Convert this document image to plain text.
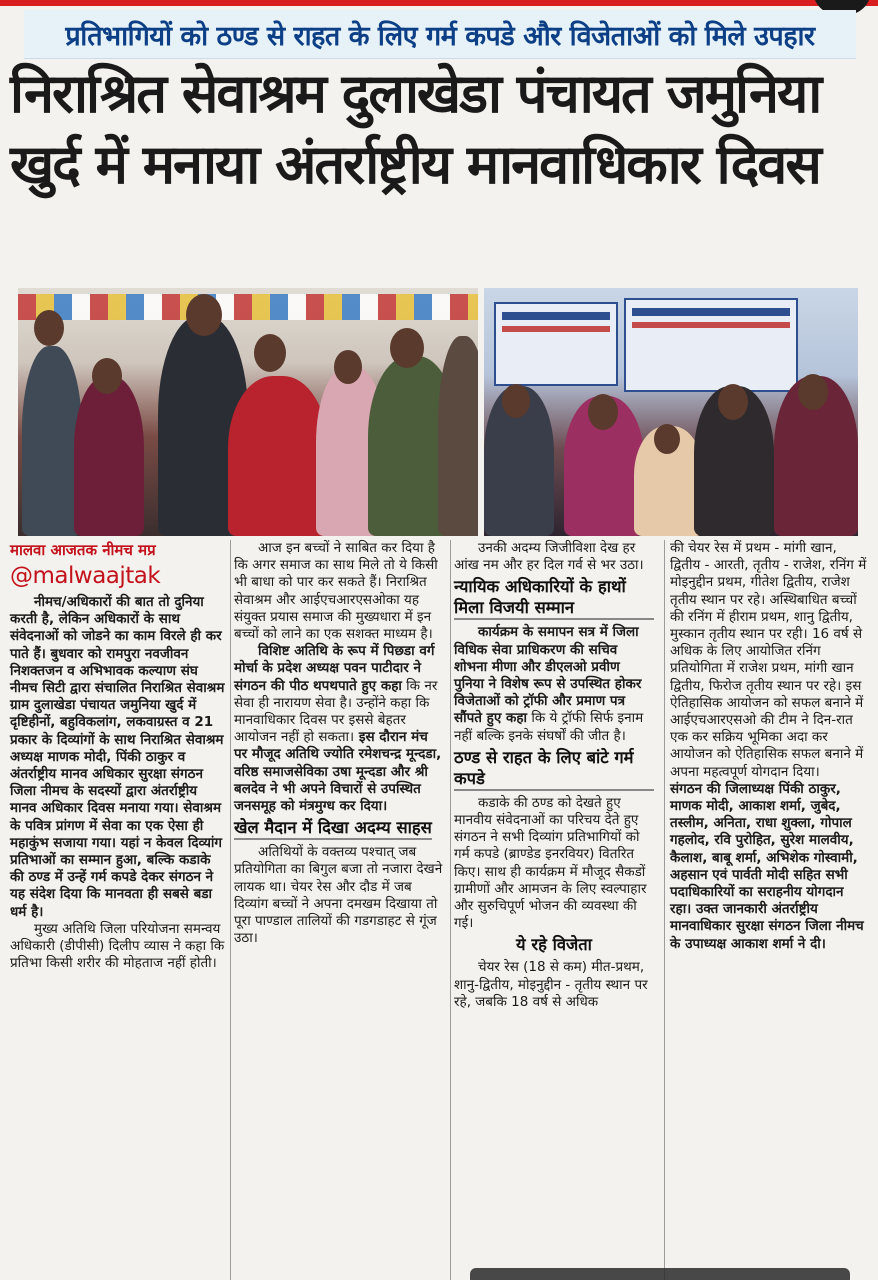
प्रतिभागियों को ठण्ड से राहत के लिए गर्म कपडे और विजेताओं को मिले उपहार
निराश्रित सेवाश्रम दुलाखेडा पंचायत जमुनिया
खुर्द में मनाया अंतर्राष्ट्रीय मानवाधिकार दिवस

मालवा आजतक नीमच मप्र

@malwaajtak

नीमच/अधिकारों की बात तो दुनिया करती है, लेकिन अधिकारों के साथ संवेदनाओं को जोडने का काम विरले ही कर पाते हैं। बुधवार को रामपुरा नवजीवन निशक्तजन व अभिभावक कल्याण संघ नीमच सिटी द्वारा संचालित निराश्रित सेवाश्रम ग्राम दुलाखेडा पंचायत जमुनिया खुर्द में दृष्टिहीनों, बहुविकलांग, लकवाग्रस्त व 21 प्रकार के दिव्यांगों के साथ निराश्रित सेवाश्रम अध्यक्ष माणक मोदी, पिंकी ठाकुर व अंतर्राष्ट्रीय मानव अधिकार सुरक्षा संगठन जिला नीमच के सदस्यों द्वारा अंतर्राष्ट्रीय मानव अधिकार दिवस मनाया गया। सेवाश्रम के पवित्र प्रांगण में सेवा का एक ऐसा ही महाकुंभ सजाया गया। यहां न केवल दिव्यांग प्रतिभाओं का सम्मान हुआ, बल्कि कडाके की ठण्ड में उन्हें गर्म कपडे देकर संगठन ने यह संदेश दिया कि मानवता ही सबसे बडा धर्म है।

मुख्य अतिथि जिला परियोजना समन्वय अधिकारी (डीपीसी) दिलीप व्यास ने कहा कि प्रतिभा किसी शरीर की मोहताज नहीं होती।

आज इन बच्चों ने साबित कर दिया है कि अगर समाज का साथ मिले तो ये किसी भी बाधा को पार कर सकते हैं। निराश्रित सेवाश्रम और आईएचआरएसओका यह संयुक्त प्रयास समाज की मुख्यधारा में इन बच्चों को लाने का एक सशक्त माध्यम है।

विशिष्ट अतिथि के रूप में पिछडा वर्ग मोर्चा के प्रदेश अध्यक्ष पवन पाटीदार ने संगठन की पीठ थपथपाते हुए कहा कि नर सेवा ही नारायण सेवा है। उन्होंने कहा कि मानवाधिकार दिवस पर इससे बेहतर आयोजन नहीं हो सकता। इस दौरान मंच पर मौजूद अतिथि ज्योति रमेशचन्द्र मून्दडा, वरिष्ठ समाजसेविका उषा मून्दडा और श्री बलदेव ने भी अपने विचारों से उपस्थित जनसमूह को मंत्रमुग्ध कर दिया।

खेल मैदान में दिखा अदम्य साहस

अतिथियों के वक्तव्य पश्चात् जब प्रतियोगिता का बिगुल बजा तो नजारा देखने लायक था। चेयर रेस और दौड में जब दिव्यांग बच्चों ने अपना दमखम दिखाया तो पूरा पाण्डाल तालियों की गडगडाहट से गूंज उठा।

उनकी अदम्य जिजीविशा देख हर आंख नम और हर दिल गर्व से भर उठा।

न्यायिक अधिकारियों के हाथों मिला विजयी सम्मान

कार्यक्रम के समापन सत्र में जिला विधिक सेवा प्राधिकरण की सचिव शोभना मीणा और डीएलओ प्रवीण पुनिया ने विशेष रूप से उपस्थित होकर विजेताओं को ट्रॉफी और प्रमाण पत्र सौंपते हुए कहा कि ये ट्रॉफी सिर्फ इनाम नहीं बल्कि इनके संघर्षों की जीत है।

ठण्ड से राहत के लिए बांटे गर्म कपडे

कडाके की ठण्ड को देखते हुए मानवीय संवेदनाओं का परिचय देते हुए संगठन ने सभी दिव्यांग प्रतिभागियों को गर्म कपडे (ब्राण्डेड इनरवियर) वितरित किए। साथ ही कार्यक्रम में मौजूद सैकडों ग्रामीणों और आमजन के लिए स्वल्पाहार और सुरुचिपूर्ण भोजन की व्यवस्था की गई।

ये रहे विजेता

चेयर रेस (18 से कम) मीत-प्रथम, शानु-द्वितीय, मोइनुद्दीन - तृतीय स्थान पर रहे, जबकि 18 वर्ष से अधिक

की चेयर रेस में प्रथम - मांगी खान, द्वितीय - आरती, तृतीय - राजेश, रनिंग में मोइनुद्दीन प्रथम, गीतेश द्वितीय, राजेश तृतीय स्थान पर रहे। अस्थिबाधित बच्चों की रनिंग में हीराम प्रथम, शानु द्वितीय, मुस्कान तृतीय स्थान पर रही। 16 वर्ष से अधिक के लिए आयोजित रनिंग प्रतियोगिता में राजेश प्रथम, मांगी खान द्वितीय, फिरोज तृतीय स्थान पर रहे। इस ऐतिहासिक आयोजन को सफल बनाने में आईएचआरएसओ की टीम ने दिन-रात एक कर सक्रिय भूमिका अदा कर आयोजन को ऐतिहासिक सफल बनाने में अपना महत्वपूर्ण योगदान दिया।

संगठन की जिलाध्यक्ष पिंकी ठाकुर, माणक मोदी, आकाश शर्मा, जुबेद, तस्लीम, अनिता, राधा शुक्ला, गोपाल गहलोद, रवि पुरोहित, सुरेश मालवीय, कैलाश, बाबू शर्मा, अभिशेक गोस्वामी, अहसान एवं पार्वती मोदी सहित सभी पदाधिकारियों का सराहनीय योगदान रहा। उक्त जानकारी अंतर्राष्ट्रीय मानवाधिकार सुरक्षा संगठन जिला नीमच के उपाध्यक्ष आकाश शर्मा ने दी।
